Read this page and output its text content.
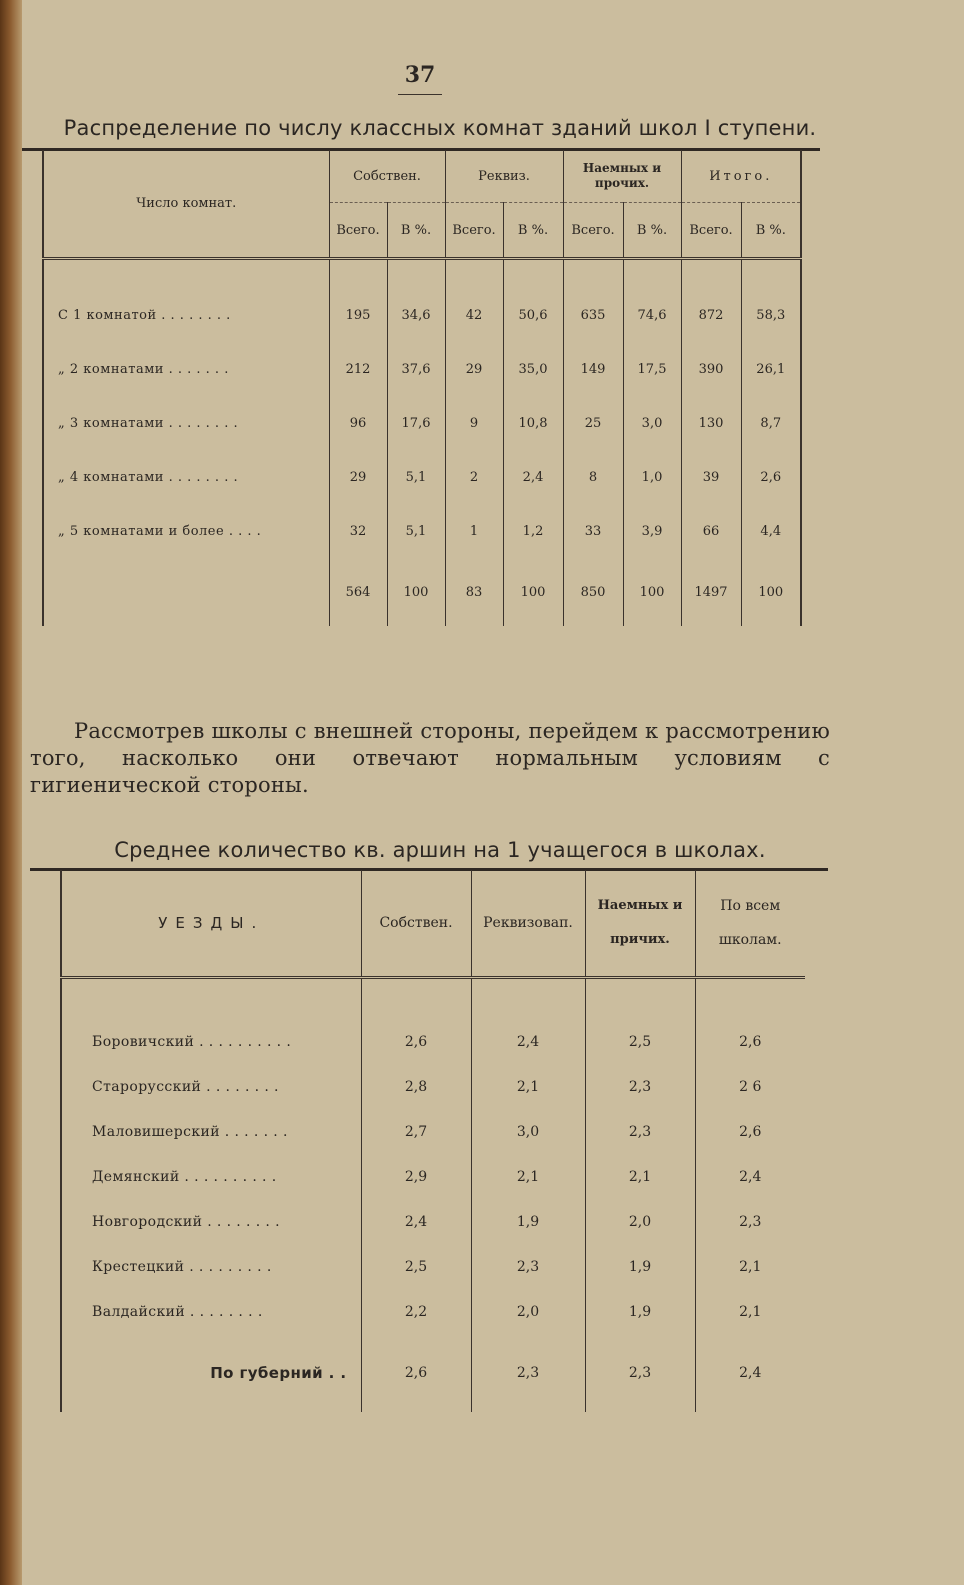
37
Распределение по числу классных комнат зданий школ I ступени.
Число комнат.	Собствен.		Реквиз.		Наемных и прочих.		Итого.	
	Всего.	В %.	Всего.	В %.	Всего.	В %.	Всего.	В %.

С 1 комнатой . . . . . . . .	195	34,6	42	50,6	635	74,6	872	58,3
„ 2 комнатами . . . . . . .	212	37,6	29	35,0	149	17,5	390	26,1
„ 3 комнатами . . . . . . . .	96	17,6	9	10,8	25	3,0	130	8,7
„ 4 комнатами . . . . . . . .	29	5,1	2	2,4	8	1,0	39	2,6
„ 5 комнатами и более . . . .	32	5,1	1	1,2	33	3,9	66	4,4
	564	100	83	100	850	100	1497	100
Рассмотрев школы с внешней стороны, перейдем к рассмотрению того, насколько они отвечают нормальным условиям с гигиенической стороны.
Среднее количество кв. аршин на 1 учащегося в школах.
УЕЗДЫ.	Собствен.	Реквизовап.	Наемных и причих.	По всем школам.

Боровичский . . . . . . . . . .	2,6	2,4	2,5	2,6
Старорусский . . . . . . . .	2,8	2,1	2,3	2 6
Маловишерский . . . . . . .	2,7	3,0	2,3	2,6
Демянский . . . . . . . . . .	2,9	2,1	2,1	2,4
Новгородский . . . . . . . .	2,4	1,9	2,0	2,3
Крестецкий . . . . . . . . .	2,5	2,3	1,9	2,1
Валдайский . . . . . . . .	2,2	2,0	1,9	2,1
По губерний . .	2,6	2,3	2,3	2,4
